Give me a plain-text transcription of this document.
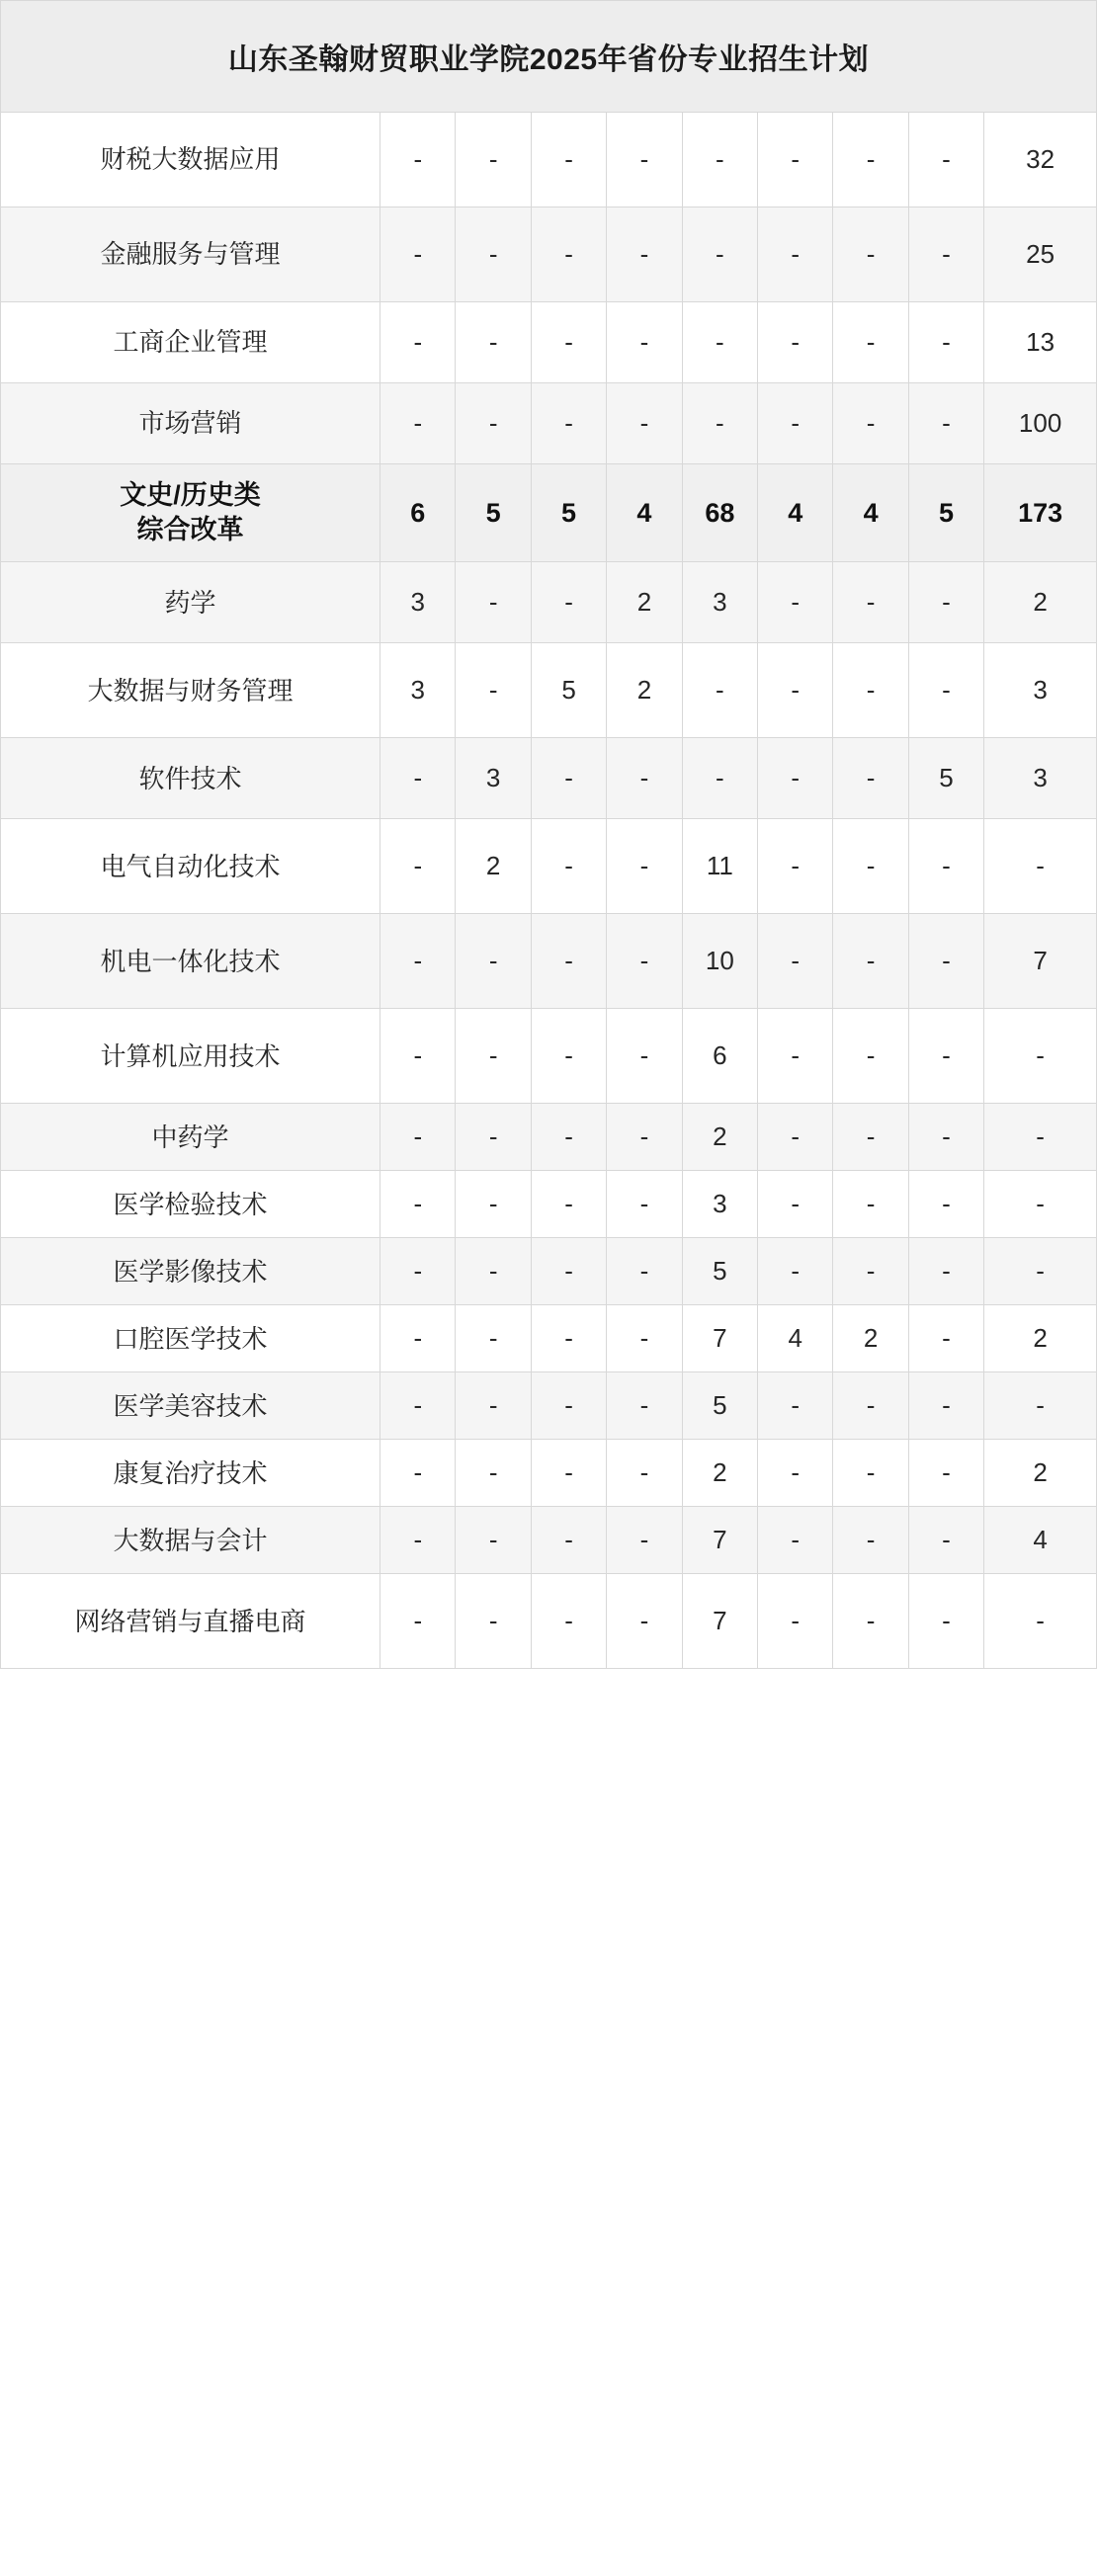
山东圣翰财贸职业学院2025年省份专业招生计划									
财税大数据应用	-	-	-	-	-	-	-	-	32
金融服务与管理	-	-	-	-	-	-	-	-	25
工商企业管理	-	-	-	-	-	-	-	-	13
市场营销	-	-	-	-	-	-	-	-	100
文史/历史类
综合改革	6	5	5	4	68	4	4	5	173
药学	3	-	-	2	3	-	-	-	2
大数据与财务管理	3	-	5	2	-	-	-	-	3
软件技术	-	3	-	-	-	-	-	5	3
电气自动化技术	-	2	-	-	11	-	-	-	-
机电一体化技术	-	-	-	-	10	-	-	-	7
计算机应用技术	-	-	-	-	6	-	-	-	-
中药学	-	-	-	-	2	-	-	-	-
医学检验技术	-	-	-	-	3	-	-	-	-
医学影像技术	-	-	-	-	5	-	-	-	-
口腔医学技术	-	-	-	-	7	4	2	-	2
医学美容技术	-	-	-	-	5	-	-	-	-
康复治疗技术	-	-	-	-	2	-	-	-	2
大数据与会计	-	-	-	-	7	-	-	-	4
网络营销与直播电商	-	-	-	-	7	-	-	-	-
